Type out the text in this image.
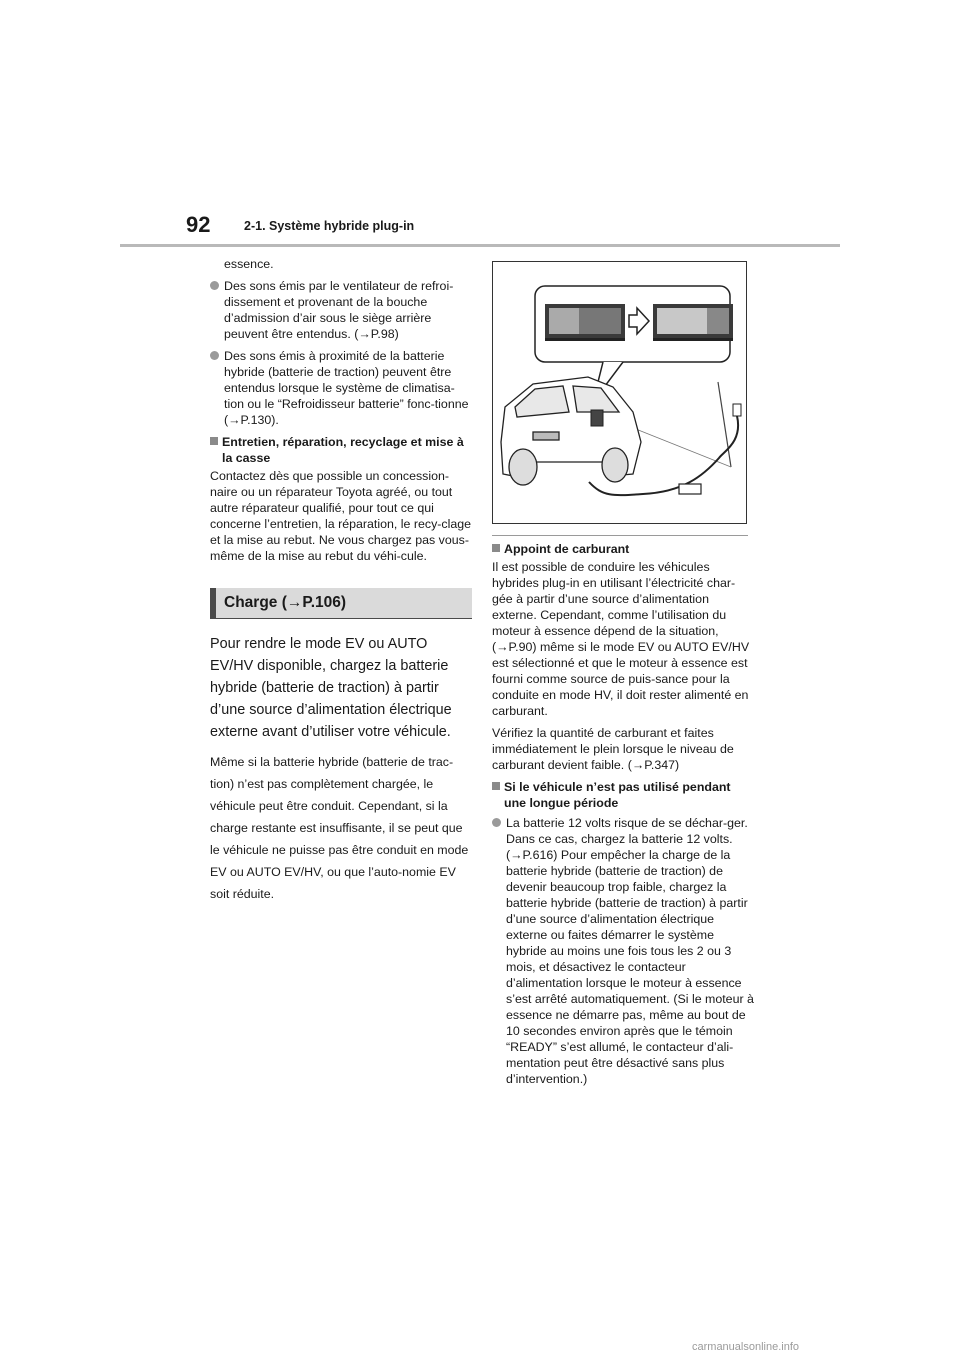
92	2-1. Système hybride plug-in

essence.

Des sons émis par le ventilateur de refroi-dissement et provenant de la bouche d’admission d’air sous le siège arrière peuvent être entendus. (→P.98)
Des sons émis à proximité de la batterie hybride (batterie de traction) peuvent être entendus lorsque le système de climatisa-tion ou le “Refroidisseur batterie” fonc-tionne (→P.130).
Entretien, réparation, recyclage et mise à la casse

Contactez dès que possible un concession-naire ou un réparateur Toyota agréé, ou tout autre réparateur qualifié, pour tout ce qui concerne l’entretien, la réparation, le recy-clage et la mise au rebut. Ne vous chargez pas vous-même de la mise au rebut du véhi-cule.

Charge (→P.106)

Pour rendre le mode EV ou AUTO EV/HV disponible, chargez la batterie hybride (batterie de traction) à partir d’une source d’alimentation électrique externe avant d’utiliser votre véhicule.

Même si la batterie hybride (batterie de trac-tion) n’est pas complètement chargée, le véhicule peut être conduit. Cependant, si la charge restante est insuffisante, il se peut que le véhicule ne puisse pas être conduit en mode EV ou AUTO EV/HV, ou que l’auto-nomie EV soit réduite.

Appoint de carburant

Il est possible de conduire les véhicules hybrides plug-in en utilisant l’électricité char-gée à partir d’une source d’alimentation externe. Cependant, comme l’utilisation du moteur à essence dépend de la situation, (→P.90) même si le mode EV ou AUTO EV/HV est sélectionné et que le moteur à essence est fourni comme source de puis-sance pour la conduite en mode HV, il doit rester alimenté en carburant.

Vérifiez la quantité de carburant et faites immédiatement le plein lorsque le niveau de carburant devient faible. (→P.347)

Si le véhicule n’est pas utilisé pendant une longue période
La batterie 12 volts risque de se déchar-ger. Dans ce cas, chargez la batterie 12 volts. (→P.616) Pour empêcher la charge de la batterie hybride (batterie de traction) de devenir beaucoup trop faible, chargez la batterie hybride (batterie de traction) à partir d’une source d’alimentation électrique externe ou faites démarrer le système hybride au moins une fois tous les 2 ou 3 mois, et désactivez le contacteur d’alimentation lorsque le moteur à essence s’est arrêté automatiquement. (Si le moteur à essence ne démarre pas, même au bout de 10 secondes environ après que le témoin “READY” s’est allumé, le contacteur d’ali-mentation peut être désactivé sans plus d’intervention.)
carmanualsonline.info
